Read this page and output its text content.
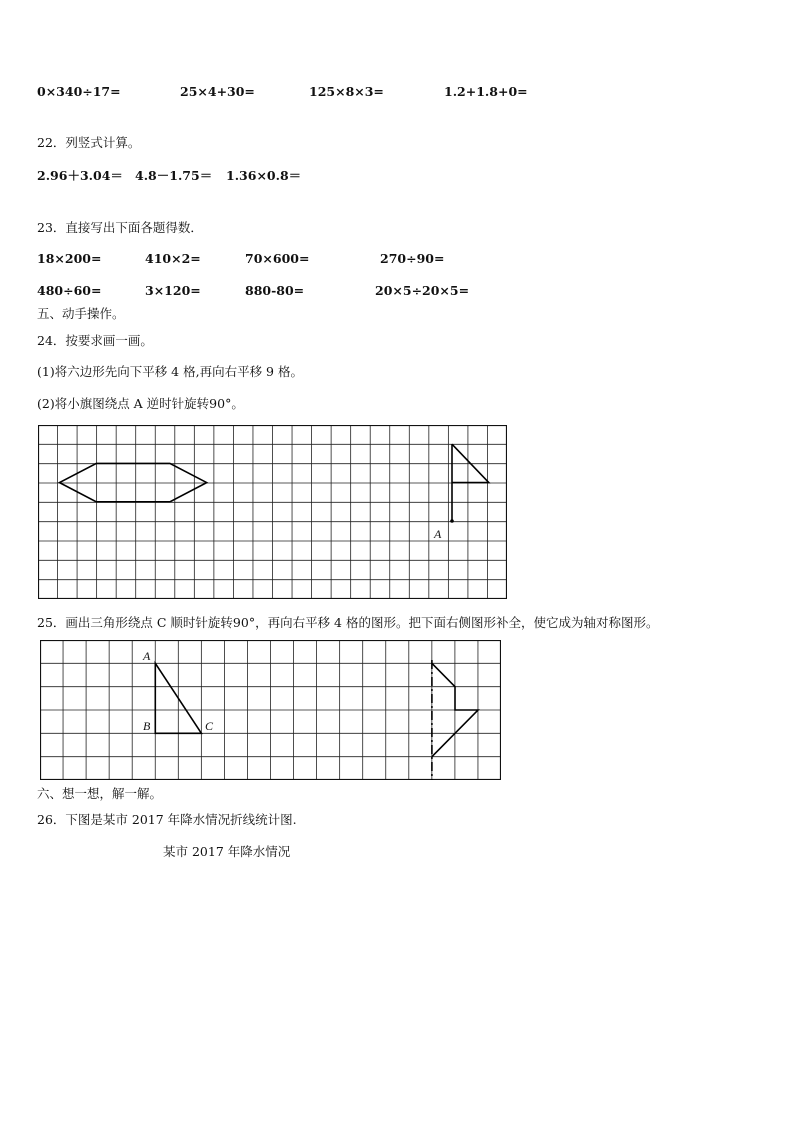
0×340÷17=	25×4+30=	125×8×3=	1.2+1.8+0=
22．列竖式计算。
2.96＋3.04＝ 4.8－1.75＝ 1.36×0.8＝
23．直接写出下面各题得数．
18×200=	410×2=	70×600=	270÷90=
480÷60=	3×120=	880-80=	20×5÷20×5=
五、动手操作。
24．按要求画一画。
(1)将六边形先向下平移 4 格,再向右平移 9 格。
(2)将小旗图绕点 A 逆时针旋转90°。
A
25．画出三角形绕点 C 顺时针旋转90°，再向右平移 4 格的图形。把下面右侧图形补全，使它成为轴对称图形。
A
B	C
六、想一想，解一解。
26．下图是某市 2017 年降水情况折线统计图.
某市 2017 年降水情况
